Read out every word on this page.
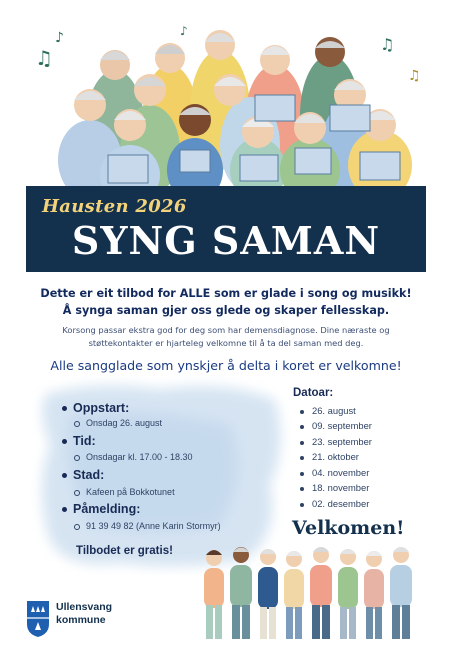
♫
♪	♪
♫
♫
Hausten 2026
SYNG SAMAN
Dette er eit tilbod for ALLE som er glade i song og musikk!
Å synga saman gjer oss glede og skaper fellesskap.
Korsong passar ekstra god for deg som har demensdiagnose. Dine næraste og
støttekontakter er hjarteleg velkomne til å ta del saman med deg.
Alle sangglade som ynskjer å delta i koret er velkomne!
Oppstart:
Onsdag 26. august
Tid:
Onsdagar kl. 17.00 - 18.30
Stad:
Kafeen på Bokkotunet
Påmelding:
91 39 49 82 (Anne Karin Stormyr)
Tilbodet er gratis!
Datoar:
26. august
09. september
23. september
21. oktober
04. november
18. november
02. desember
Velkomen!
Ullensvang
kommune
